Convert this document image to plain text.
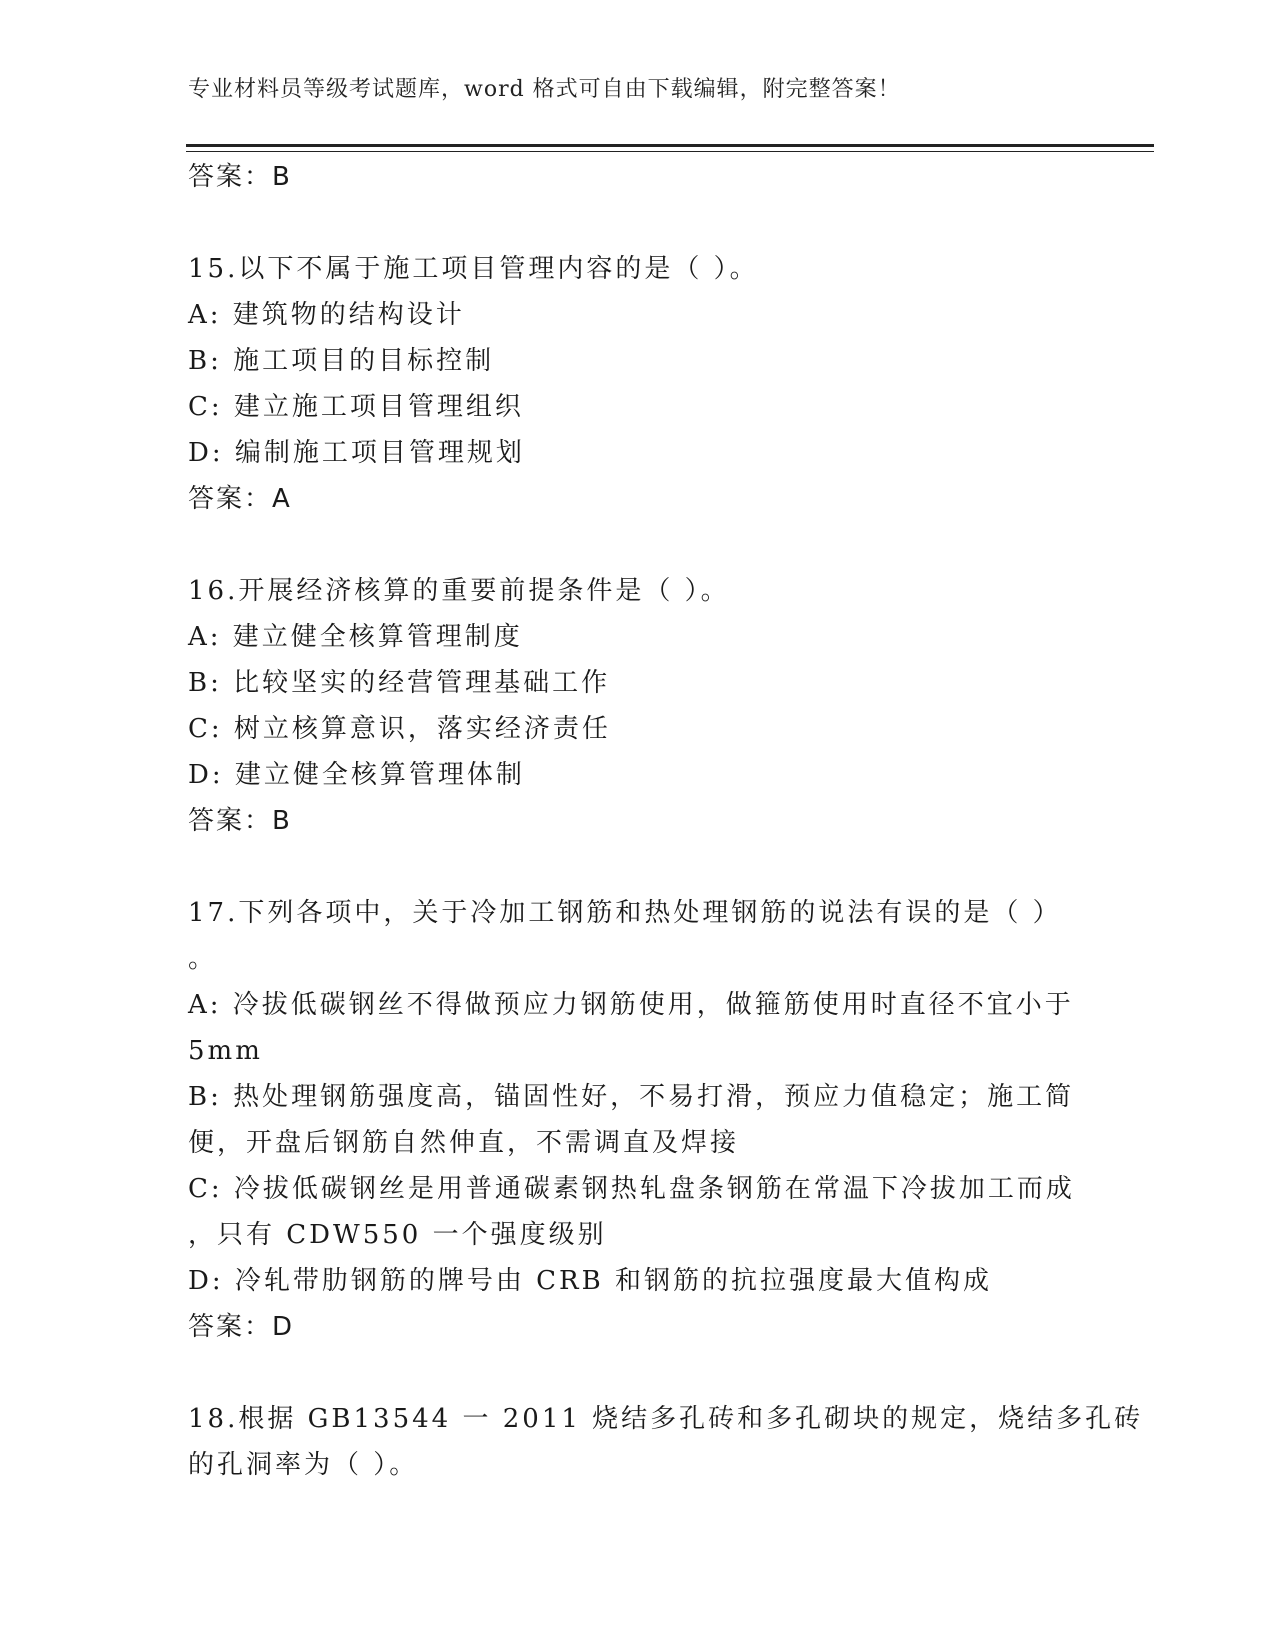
专业材料员等级考试题库，word 格式可自由下载编辑，附完整答案！
答案：B
15.以下不属于施工项目管理内容的是（ ）。
A: 建筑物的结构设计
B: 施工项目的目标控制
C: 建立施工项目管理组织
D: 编制施工项目管理规划
答案：A
16.开展经济核算的重要前提条件是（ ）。
A: 建立健全核算管理制度
B: 比较坚实的经营管理基础工作
C: 树立核算意识，落实经济责任
D: 建立健全核算管理体制
答案：B
17.下列各项中，关于冷加工钢筋和热处理钢筋的说法有误的是（ ）
。
A: 冷拔低碳钢丝不得做预应力钢筋使用，做箍筋使用时直径不宜小于
5mm
B: 热处理钢筋强度高，锚固性好，不易打滑，预应力值稳定；施工简
便，开盘后钢筋自然伸直，不需调直及焊接
C: 冷拔低碳钢丝是用普通碳素钢热轧盘条钢筋在常温下冷拔加工而成
，只有 CDW550 一个强度级别
D: 冷轧带肋钢筋的牌号由 CRB 和钢筋的抗拉强度最大值构成
答案：D
18.根据 GB13544 一 2011 烧结多孔砖和多孔砌块的规定，烧结多孔砖
的孔洞率为（ ）。
